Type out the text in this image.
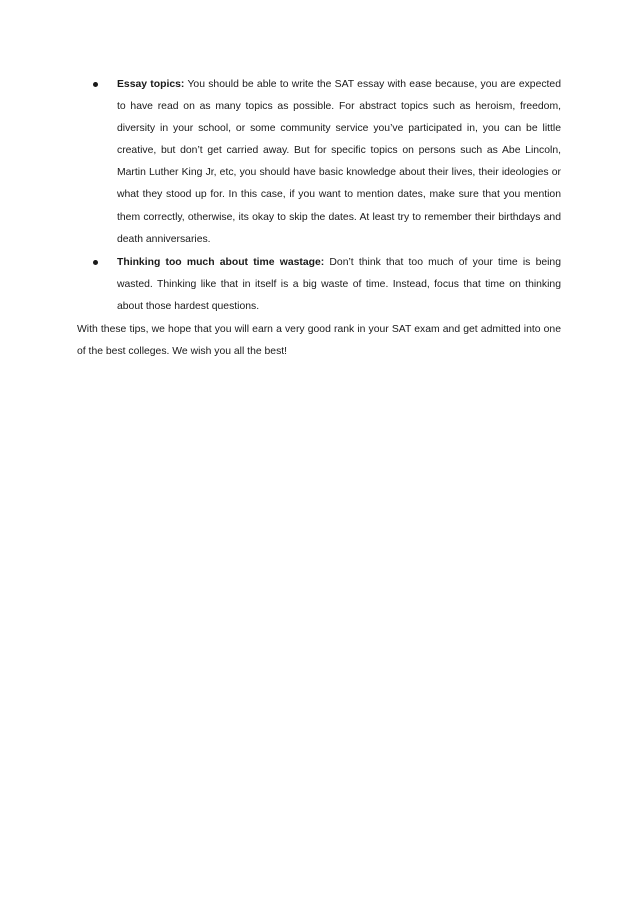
Essay topics: You should be able to write the SAT essay with ease because, you are expected to have read on as many topics as possible. For abstract topics such as heroism, freedom, diversity in your school, or some community service you’ve participated in, you can be little creative, but don’t get carried away. But for specific topics on persons such as Abe Lincoln, Martin Luther King Jr, etc, you should have basic knowledge about their lives, their ideologies or what they stood up for. In this case, if you want to mention dates, make sure that you mention them correctly, otherwise, its okay to skip the dates. At least try to remember their birthdays and death anniversaries.
Thinking too much about time wastage: Don’t think that too much of your time is being wasted. Thinking like that in itself is a big waste of time. Instead, focus that time on thinking about those hardest questions.

With these tips, we hope that you will earn a very good rank in your SAT exam and get admitted into one of the best colleges. We wish you all the best!
